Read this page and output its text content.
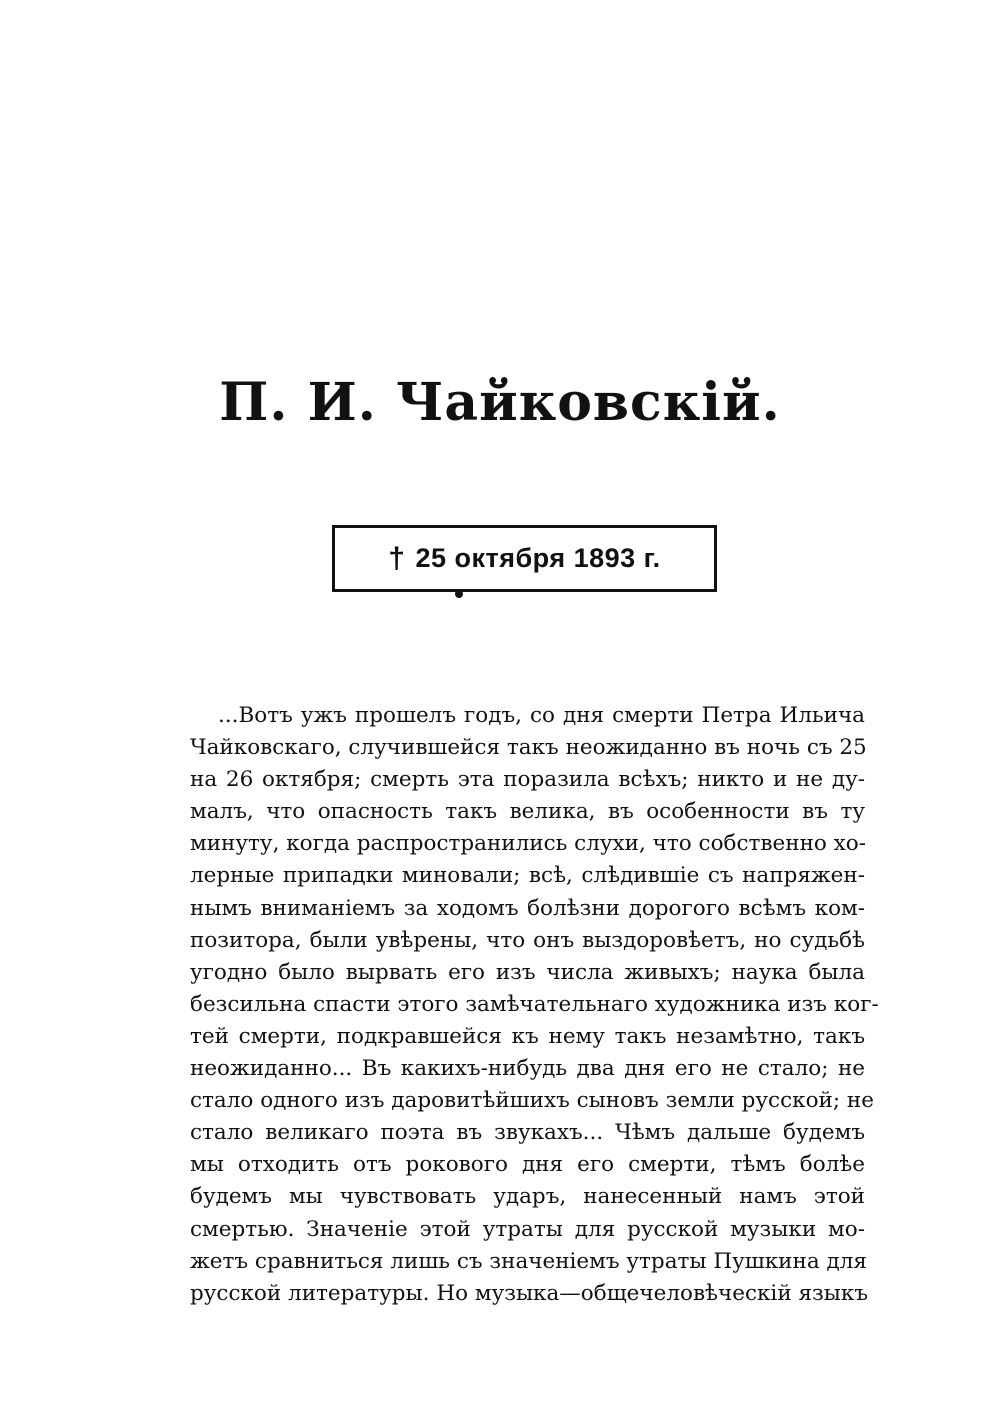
П. И. Чайковскій.
† 25 октября 1893 г.
...Вотъ ужъ прошелъ годъ, со дня смерти Петра Ильича
Чайковскаго, случившейся такъ неожиданно въ ночь съ 25
на 26 октября; смерть эта поразила всѣхъ; никто и не ду-
малъ, что опасность такъ велика, въ особенности въ ту
минуту, когда распространились слухи, что собственно хо-
лерные припадки миновали; всѣ, слѣдившіе съ напряжен-
нымъ вниманіемъ за ходомъ болѣзни дорогого всѣмъ ком-
позитора, были увѣрены, что онъ выздоровѣетъ, но судьбѣ
угодно было вырвать его изъ числа живыхъ; наука была
безсильна спасти этого замѣчательнаго художника изъ ког-
тей смерти, подкравшейся къ нему такъ незамѣтно, такъ
неожиданно... Въ какихъ-нибудь два дня его не стало; не
стало одного изъ даровитѣйшихъ сыновъ земли русской; не
стало великаго поэта въ звукахъ... Чѣмъ дальше будемъ
мы отходить отъ рокового дня его смерти, тѣмъ болѣе
будемъ мы чувствовать ударъ, нанесенный намъ этой
смертью. Значеніе этой утраты для русской музыки мо-
жетъ сравниться лишь съ значеніемъ утраты Пушкина для
русской литературы. Но музыка—общечеловѣческій языкъ
